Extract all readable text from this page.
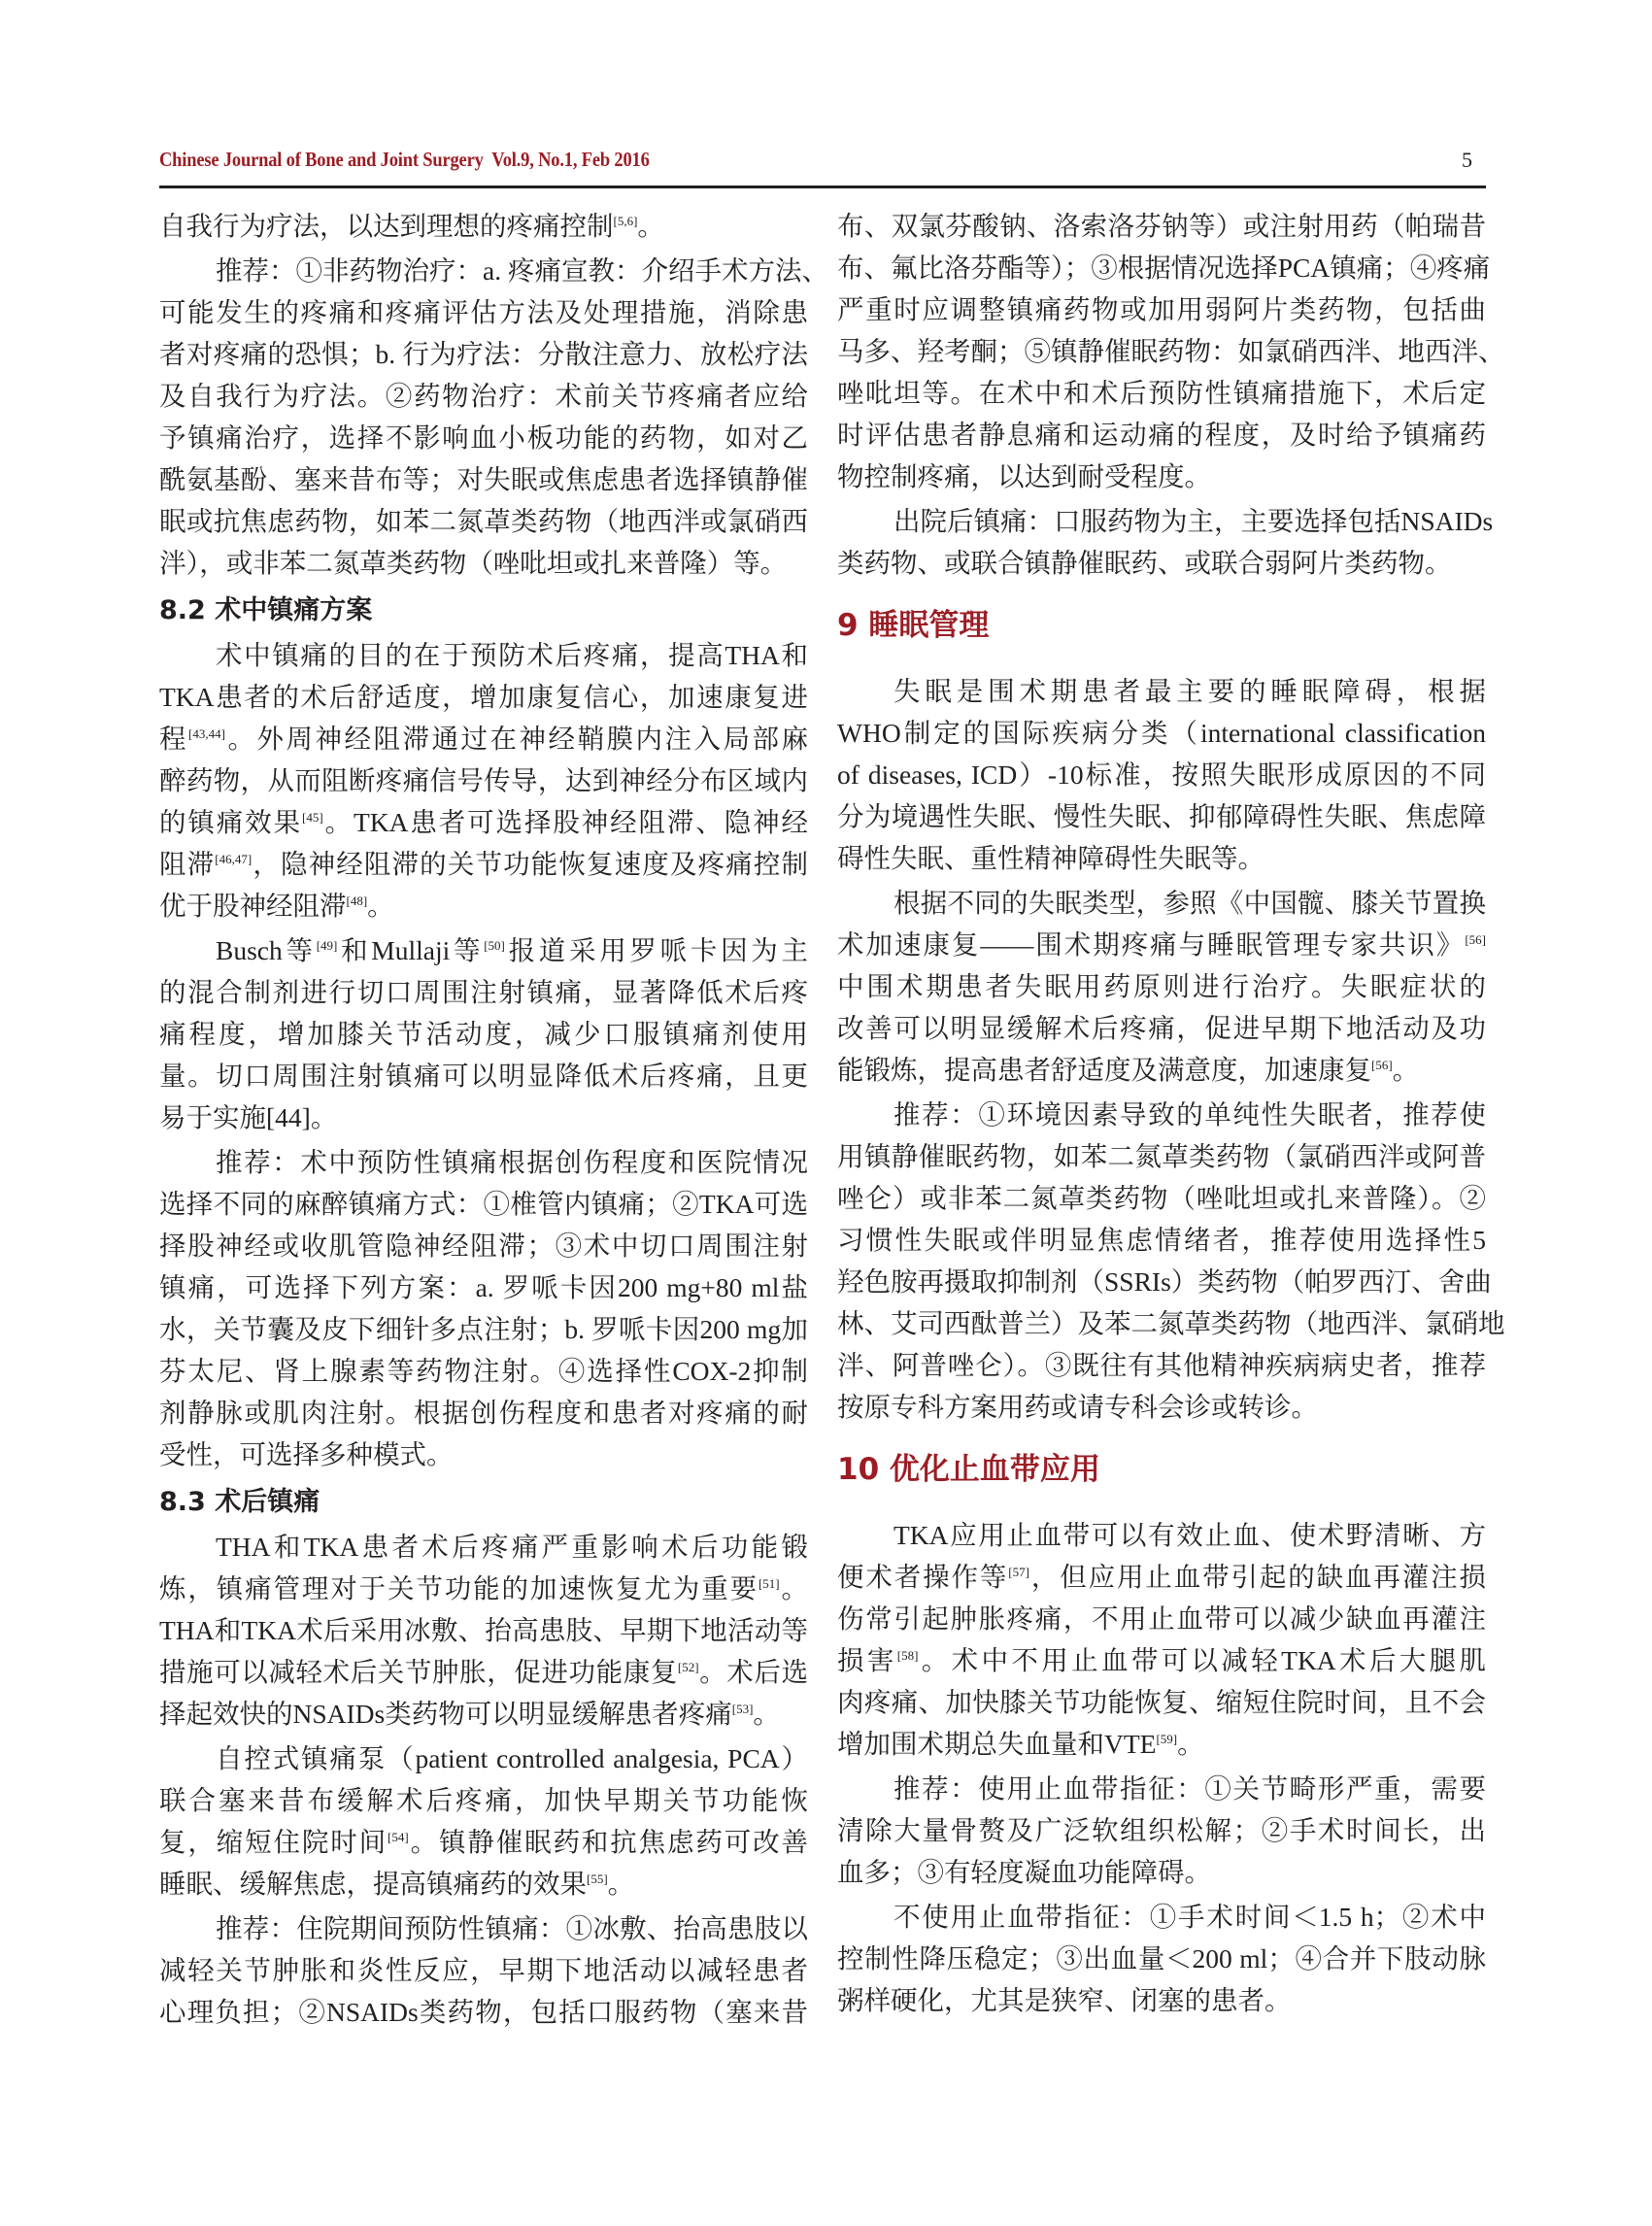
Chinese Journal of Bone and Joint Surgery  Vol.9, No.1, Feb 2016	5
自我行为疗法，以达到理想的疼痛控制[5,6]。
推荐：①非药物治疗：a. 疼痛宣教：介绍手术方法、
可能发生的疼痛和疼痛评估方法及处理措施，消除患
者对疼痛的恐惧；b. 行为疗法：分散注意力、放松疗法
及自我行为疗法。②药物治疗：术前关节疼痛者应给
予镇痛治疗，选择不影响血小板功能的药物，如对乙
酰氨基酚、塞来昔布等；对失眠或焦虑患者选择镇静催
眠或抗焦虑药物，如苯二氮䓬类药物（地西泮或氯硝西
泮），或非苯二氮䓬类药物（唑吡坦或扎来普隆）等。
8.2 术中镇痛方案
术中镇痛的目的在于预防术后疼痛，提高THA和
TKA患者的术后舒适度，增加康复信心，加速康复进
程[43,44]。外周神经阻滞通过在神经鞘膜内注入局部麻
醉药物，从而阻断疼痛信号传导，达到神经分布区域内
的镇痛效果[45]。TKA患者可选择股神经阻滞、隐神经
阻滞[46,47]，隐神经阻滞的关节功能恢复速度及疼痛控制
优于股神经阻滞[48]。
Busch等[49]和Mullaji等[50]报道采用罗哌卡因为主
的混合制剂进行切口周围注射镇痛，显著降低术后疼
痛程度，增加膝关节活动度，减少口服镇痛剂使用
量。切口周围注射镇痛可以明显降低术后疼痛，且更
易于实施[44]。
推荐：术中预防性镇痛根据创伤程度和医院情况
选择不同的麻醉镇痛方式：①椎管内镇痛；②TKA可选
择股神经或收肌管隐神经阻滞；③术中切口周围注射
镇痛，可选择下列方案：a. 罗哌卡因200 mg+80 ml盐
水，关节囊及皮下细针多点注射；b. 罗哌卡因200 mg加
芬太尼、肾上腺素等药物注射。④选择性COX-2抑制
剂静脉或肌肉注射。根据创伤程度和患者对疼痛的耐
受性，可选择多种模式。
8.3 术后镇痛
THA和TKA患者术后疼痛严重影响术后功能锻
炼，镇痛管理对于关节功能的加速恢复尤为重要[51]。
THA和TKA术后采用冰敷、抬高患肢、早期下地活动等
措施可以减轻术后关节肿胀，促进功能康复[52]。术后选
择起效快的NSAIDs类药物可以明显缓解患者疼痛[53]。
自控式镇痛泵（patient controlled analgesia, PCA）
联合塞来昔布缓解术后疼痛，加快早期关节功能恢
复，缩短住院时间[54]。镇静催眠药和抗焦虑药可改善
睡眠、缓解焦虑，提高镇痛药的效果[55]。
推荐：住院期间预防性镇痛：①冰敷、抬高患肢以
减轻关节肿胀和炎性反应，早期下地活动以减轻患者
心理负担；②NSAIDs类药物，包括口服药物（塞来昔
布、双氯芬酸钠、洛索洛芬钠等）或注射用药（帕瑞昔
布、氟比洛芬酯等）；③根据情况选择PCA镇痛；④疼痛
严重时应调整镇痛药物或加用弱阿片类药物，包括曲
马多、羟考酮；⑤镇静催眠药物：如氯硝西泮、地西泮、
唑吡坦等。在术中和术后预防性镇痛措施下，术后定
时评估患者静息痛和运动痛的程度，及时给予镇痛药
物控制疼痛，以达到耐受程度。
出院后镇痛：口服药物为主，主要选择包括NSAIDs
类药物、或联合镇静催眠药、或联合弱阿片类药物。
9 睡眠管理
失眠是围术期患者最主要的睡眠障碍，根据
WHO制定的国际疾病分类（international classification
of diseases, ICD）-10标准，按照失眠形成原因的不同
分为境遇性失眠、慢性失眠、抑郁障碍性失眠、焦虑障
碍性失眠、重性精神障碍性失眠等。
根据不同的失眠类型，参照《中国髋、膝关节置换
术加速康复——围术期疼痛与睡眠管理专家共识》[56]
中围术期患者失眠用药原则进行治疗。失眠症状的
改善可以明显缓解术后疼痛，促进早期下地活动及功
能锻炼，提高患者舒适度及满意度，加速康复[56]。
推荐：①环境因素导致的单纯性失眠者，推荐使
用镇静催眠药物，如苯二氮䓬类药物（氯硝西泮或阿普
唑仑）或非苯二氮䓬类药物（唑吡坦或扎来普隆）。②
习惯性失眠或伴明显焦虑情绪者，推荐使用选择性5
羟色胺再摄取抑制剂（SSRIs）类药物（帕罗西汀、舍曲
林、艾司西酞普兰）及苯二氮䓬类药物（地西泮、氯硝地
泮、阿普唑仑）。③既往有其他精神疾病病史者，推荐
按原专科方案用药或请专科会诊或转诊。
10 优化止血带应用
TKA应用止血带可以有效止血、使术野清晰、方
便术者操作等[57]，但应用止血带引起的缺血再灌注损
伤常引起肿胀疼痛，不用止血带可以减少缺血再灌注
损害[58]。术中不用止血带可以减轻TKA术后大腿肌
肉疼痛、加快膝关节功能恢复、缩短住院时间，且不会
增加围术期总失血量和VTE[59]。
推荐：使用止血带指征：①关节畸形严重，需要
清除大量骨赘及广泛软组织松解；②手术时间长，出
血多；③有轻度凝血功能障碍。
不使用止血带指征：①手术时间＜1.5 h；②术中
控制性降压稳定；③出血量＜200 ml；④合并下肢动脉
粥样硬化，尤其是狭窄、闭塞的患者。
